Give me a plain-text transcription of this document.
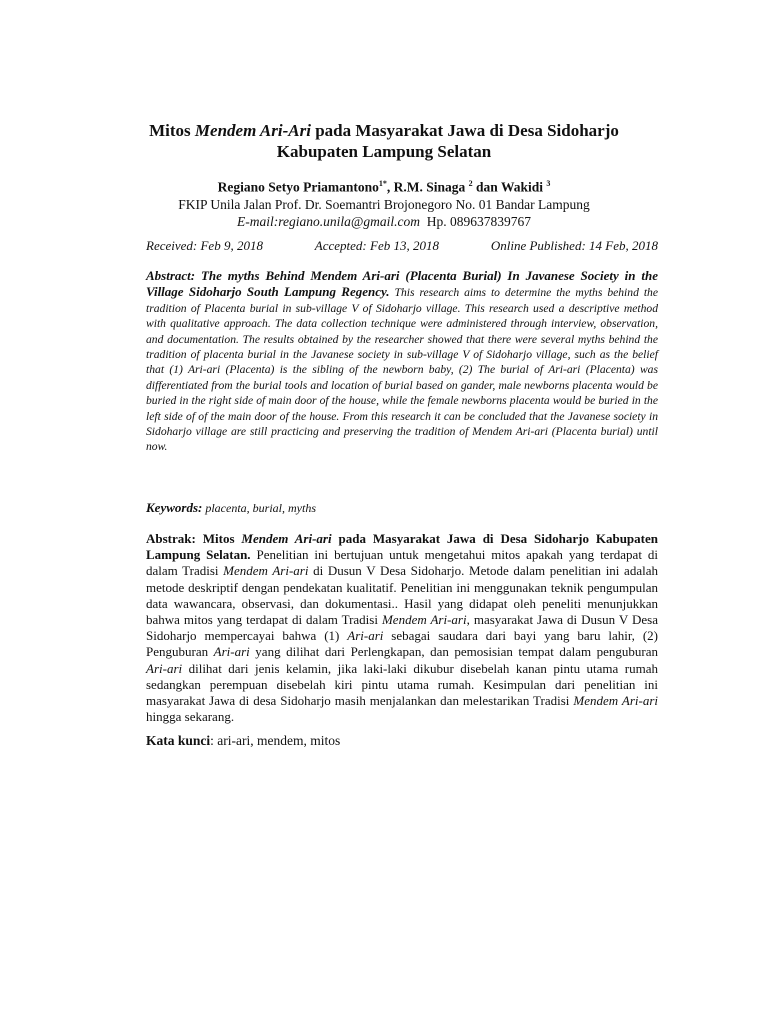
Mitos Mendem Ari-Ari pada Masyarakat Jawa di Desa Sidoharjo
Kabupaten Lampung Selatan
Regiano Setyo Priamantono$^{1*}$, R.M. Sinaga $^2$ dan Wakidi $^3$
FKIP Unila Jalan Prof. Dr. Soemantri Brojonegoro No. 01 Bandar Lampung
E-mail:regiano.unila@gmail.com Hp. 089637839767
Received: Feb 9, 2018	Accepted: Feb 13, 2018	Online Published: 14 Feb, 2018
Abstract: The myths Behind Mendem Ari-ari (Placenta Burial) In Javanese Society in the Village Sidoharjo South Lampung Regency. This research aims to determine the myths behind the tradition of Placenta burial in sub-village V of Sidoharjo village. This research used a descriptive method with qualitative approach. The data collection technique were administered through interview, observation, and documentation. The results obtained by the researcher showed that there were several myths behind the tradition of placenta burial in the Javanese society in sub-village V of Sidoharjo village, such as the belief that (1) Ari-ari (Placenta) is the sibling of the newborn baby, (2) The burial of Ari-ari (Placenta) was differentiated from the burial tools and location of burial based on gander, male newborns placenta would be buried in the right side of main door of the house, while the female newborns placenta would be buried in the left side of of the main door of the house. From this research it can be concluded that the Javanese society in Sidoharjo village are still practicing and preserving the tradition of Mendem Ari-ari (Placenta burial) until now.
Keywords: placenta, burial, myths
Abstrak: Mitos Mendem Ari-ari pada Masyarakat Jawa di Desa Sidoharjo Kabupaten Lampung Selatan. Penelitian ini bertujuan untuk mengetahui mitos apakah yang terdapat di dalam Tradisi Mendem Ari-ari di Dusun V Desa Sidoharjo. Metode dalam penelitian ini adalah metode deskriptif dengan pendekatan kualitatif. Penelitian ini menggunakan teknik pengumpulan data wawancara, observasi, dan dokumentasi.. Hasil yang didapat oleh peneliti menunjukkan bahwa mitos yang terdapat di dalam Tradisi Mendem Ari-ari, masyarakat Jawa di Dusun V Desa Sidoharjo mempercayai bahwa (1) Ari-ari sebagai saudara dari bayi yang baru lahir, (2) Penguburan Ari-ari yang dilihat dari Perlengkapan, dan pemosisian tempat dalam penguburan Ari-ari dilihat dari jenis kelamin, jika laki-laki dikubur disebelah kanan pintu utama rumah sedangkan perempuan disebelah kiri pintu utama rumah. Kesimpulan dari penelitian ini masyarakat Jawa di desa Sidoharjo masih menjalankan dan melestarikan Tradisi Mendem Ari-ari hingga sekarang.
Kata kunci: ari-ari, mendem, mitos
